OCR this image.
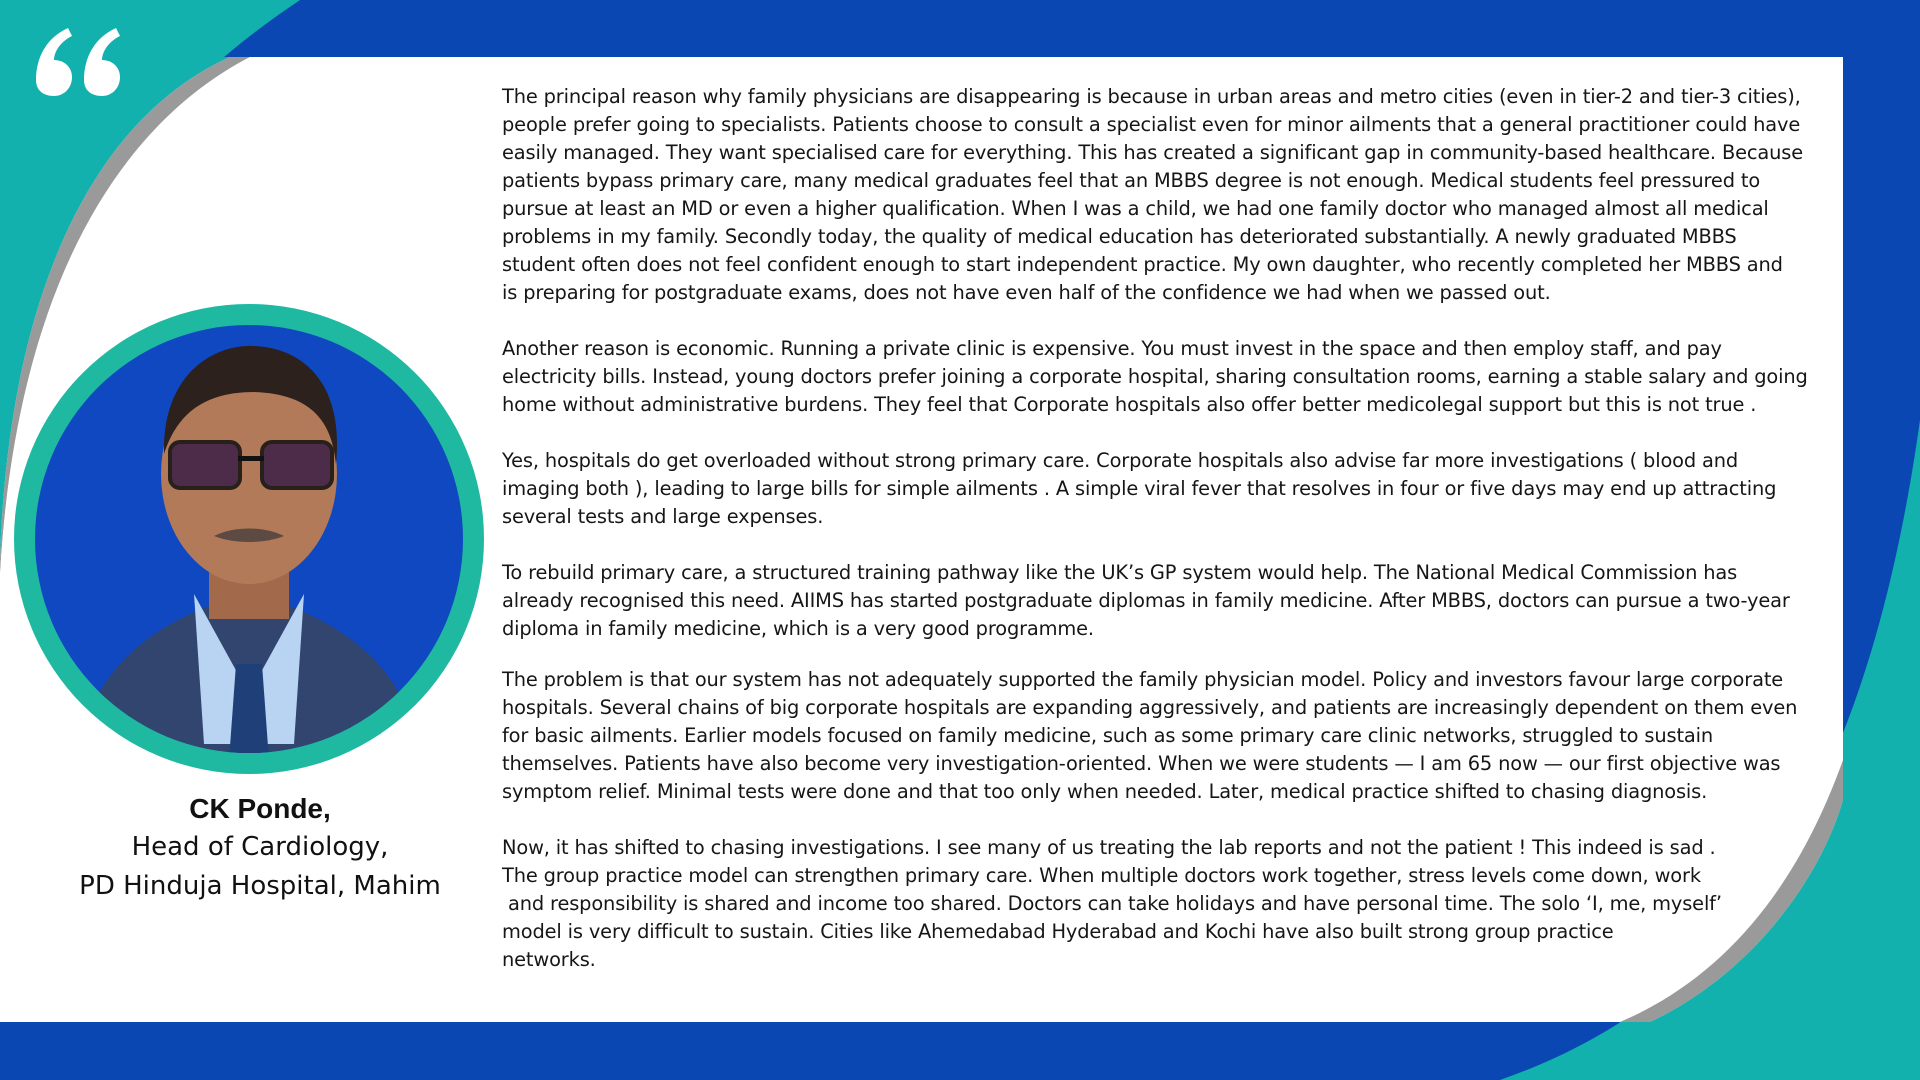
CK Ponde,
Head of Cardiology,
PD Hinduja Hospital, Mahim

The principal reason why family physicians are disappearing is because in urban areas and metro cities (even in tier-2 and tier-3 cities),
people prefer going to specialists. Patients choose to consult a specialist even for minor ailments that a general practitioner could have
easily managed. They want specialised care for everything. This has created a significant gap in community-based healthcare. Because
patients bypass primary care, many medical graduates feel that an MBBS degree is not enough. Medical students feel pressured to
pursue at least an MD or even a higher qualification. When I was a child, we had one family doctor who managed almost all medical
problems in my family. Secondly today, the quality of medical education has deteriorated substantially. A newly graduated MBBS
student often does not feel confident enough to start independent practice. My own daughter, who recently completed her MBBS and
is preparing for postgraduate exams, does not have even half of the confidence we had when we passed out.

Another reason is economic. Running a private clinic is expensive. You must invest in the space and then employ staff, and pay
electricity bills. Instead, young doctors prefer joining a corporate hospital, sharing consultation rooms, earning a stable salary and going
home without administrative burdens. They feel that Corporate hospitals also offer better medicolegal support but this is not true .

Yes, hospitals do get overloaded without strong primary care. Corporate hospitals also advise far more investigations ( blood and
imaging both ), leading to large bills for simple ailments . A simple viral fever that resolves in four or five days may end up attracting
several tests and large expenses.

To rebuild primary care, a structured training pathway like the UK’s GP system would help. The National Medical Commission has
already recognised this need. AIIMS has started postgraduate diplomas in family medicine. After MBBS, doctors can pursue a two-year
diploma in family medicine, which is a very good programme.

The problem is that our system has not adequately supported the family physician model. Policy and investors favour large corporate
hospitals. Several chains of big corporate hospitals are expanding aggressively, and patients are increasingly dependent on them even
for basic ailments. Earlier models focused on family medicine, such as some primary care clinic networks, struggled to sustain
themselves. Patients have also become very investigation-oriented. When we were students — I am 65 now — our first objective was
symptom relief. Minimal tests were done and that too only when needed. Later, medical practice shifted to chasing diagnosis.

Now, it has shifted to chasing investigations. I see many of us treating the lab reports and not the patient ! This indeed is sad .
The group practice model can strengthen primary care. When multiple doctors work together, stress levels come down, work
and responsibility is shared and income too shared. Doctors can take holidays and have personal time. The solo ‘I, me, myself’
model is very difficult to sustain. Cities like Ahemedabad Hyderabad and Kochi have also built strong group practice
networks.
